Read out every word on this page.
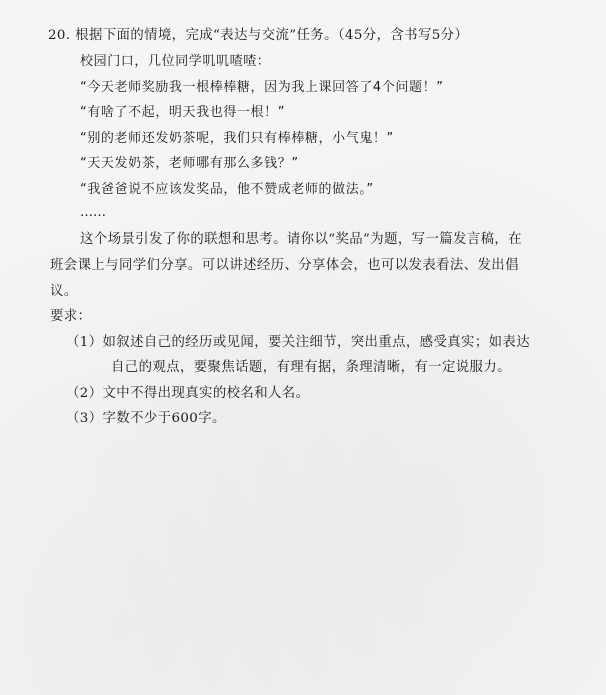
20. 根据下面的情境，完成“表达与交流”任务。（45分，含书写5分）
校园门口，几位同学叽叽喳喳：
“今天老师奖励我一根棒棒糖，因为我上课回答了4个问题！”
“有啥了不起，明天我也得一根！”
“别的老师还发奶茶呢，我们只有棒棒糖，小气鬼！”
“天天发奶茶，老师哪有那么多钱？”
“我爸爸说不应该发奖品，他不赞成老师的做法。”
……
这个场景引发了你的联想和思考。请你以“奖品”为题，写一篇发言稿，在
班会课上与同学们分享。可以讲述经历、分享体会，也可以发表看法、发出倡
议。
要求：
（1）如叙述自己的经历或见闻，要关注细节，突出重点，感受真实；如表达
自己的观点，要聚焦话题，有理有据，条理清晰，有一定说服力。
（2）文中不得出现真实的校名和人名。
（3）字数不少于600字。
